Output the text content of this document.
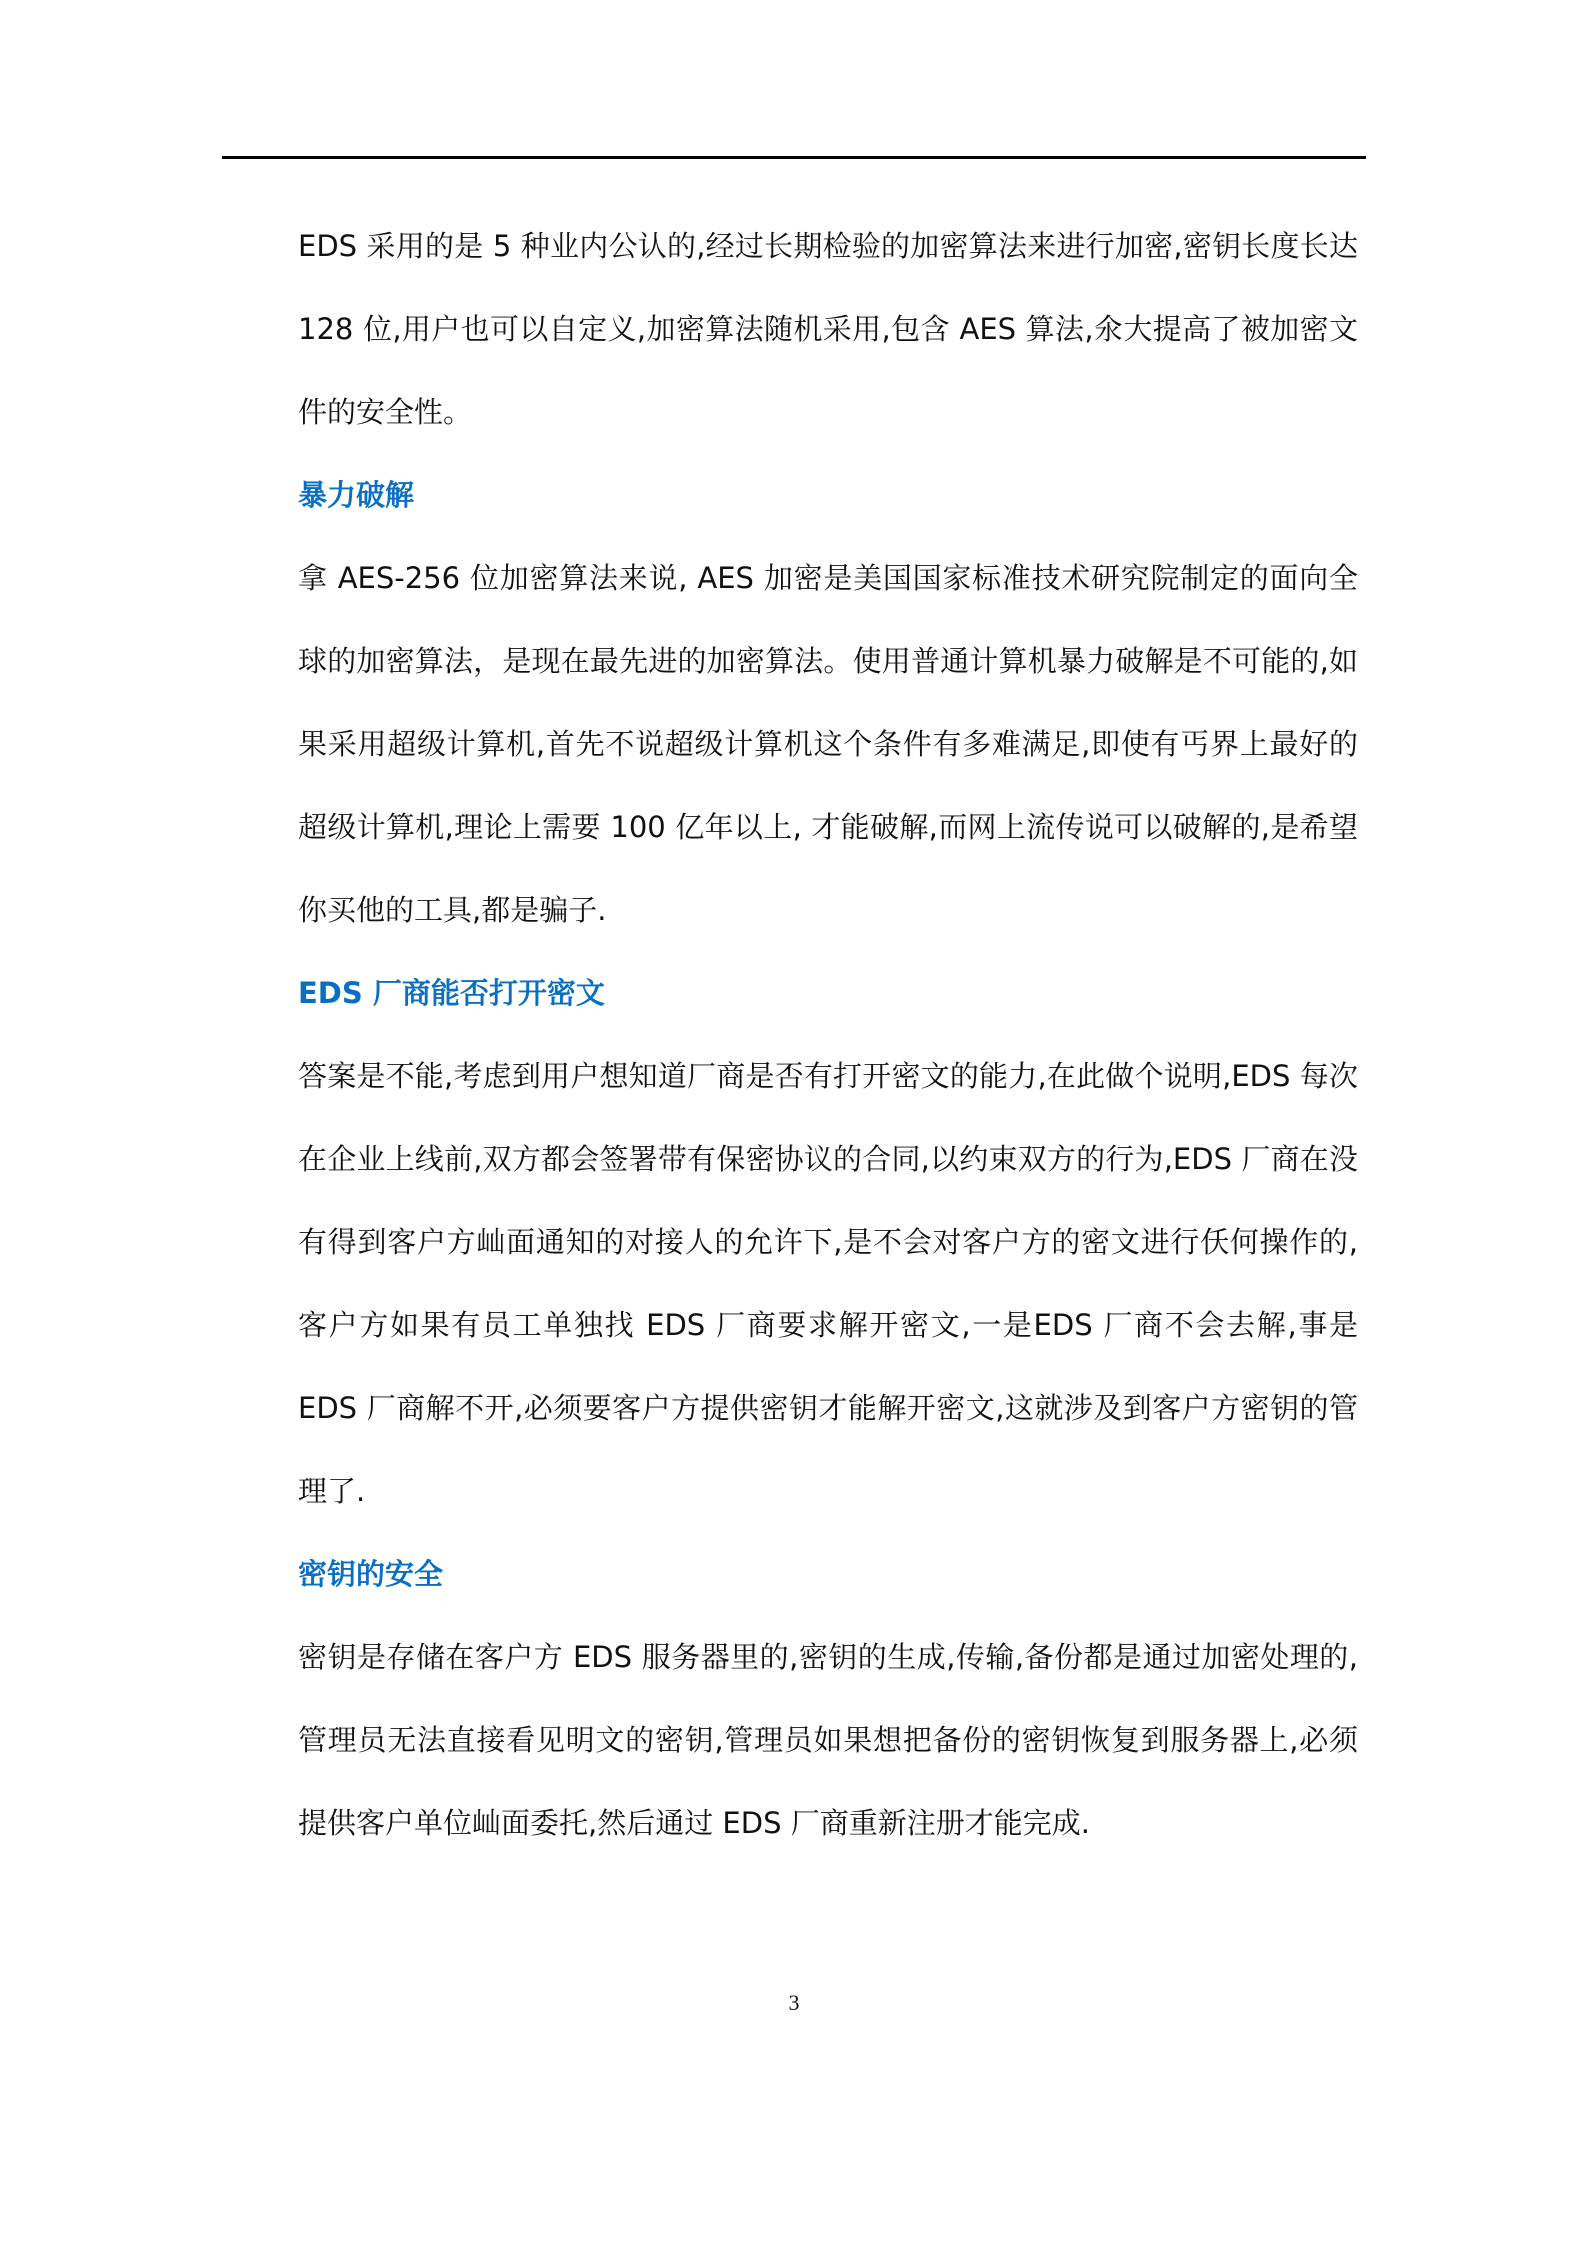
EDS 采用的是 5 种业内公认的,经过长期检验的加密算法来进行加密,密钥长度长达 128 位,用户也可以自定义,加密算法随机采用,包含 AES 算法,氽大提高了被加密文件的安全性。

暴力破解

拿 AES-256 位加密算法来说, AES 加密是美国国家标准技术研究院制定的面向全球的加密算法，是现在最先进的加密算法。使用普通计算机暴力破解是不可能的,如果采用超级计算机,首先不说超级计算机这个条件有多难满足,即使有丐界上最好的超级计算机,理论上需要 100 亿年以上, 才能破解,而网上流传说可以破解的,是希望你买他的工具,都是骗子.

EDS 厂商能否打开密文

答案是不能,考虑到用户想知道厂商是否有打开密文的能力,在此做个说明,EDS 每次在企业上线前,双方都会签署带有保密协议的合同,以约束双方的行为,EDS 厂商在没有得到客户方屾面通知的对接人的允许下,是不会对客户方的密文进行仸何操作的,客户方如果有员工单独找 EDS 厂商要求解开密文,一是EDS 厂商不会去解,事是EDS 厂商解不开,必须要客户方提供密钥才能解开密文,这就涉及到客户方密钥的管理了.

密钥的安全

密钥是存储在客户方 EDS 服务器里的,密钥的生成,传输,备份都是通过加密处理的,管理员无法直接看见明文的密钥,管理员如果想把备份的密钥恢复到服务器上,必须提供客户单位屾面委托,然后通过 EDS 厂商重新注册才能完成.

3
